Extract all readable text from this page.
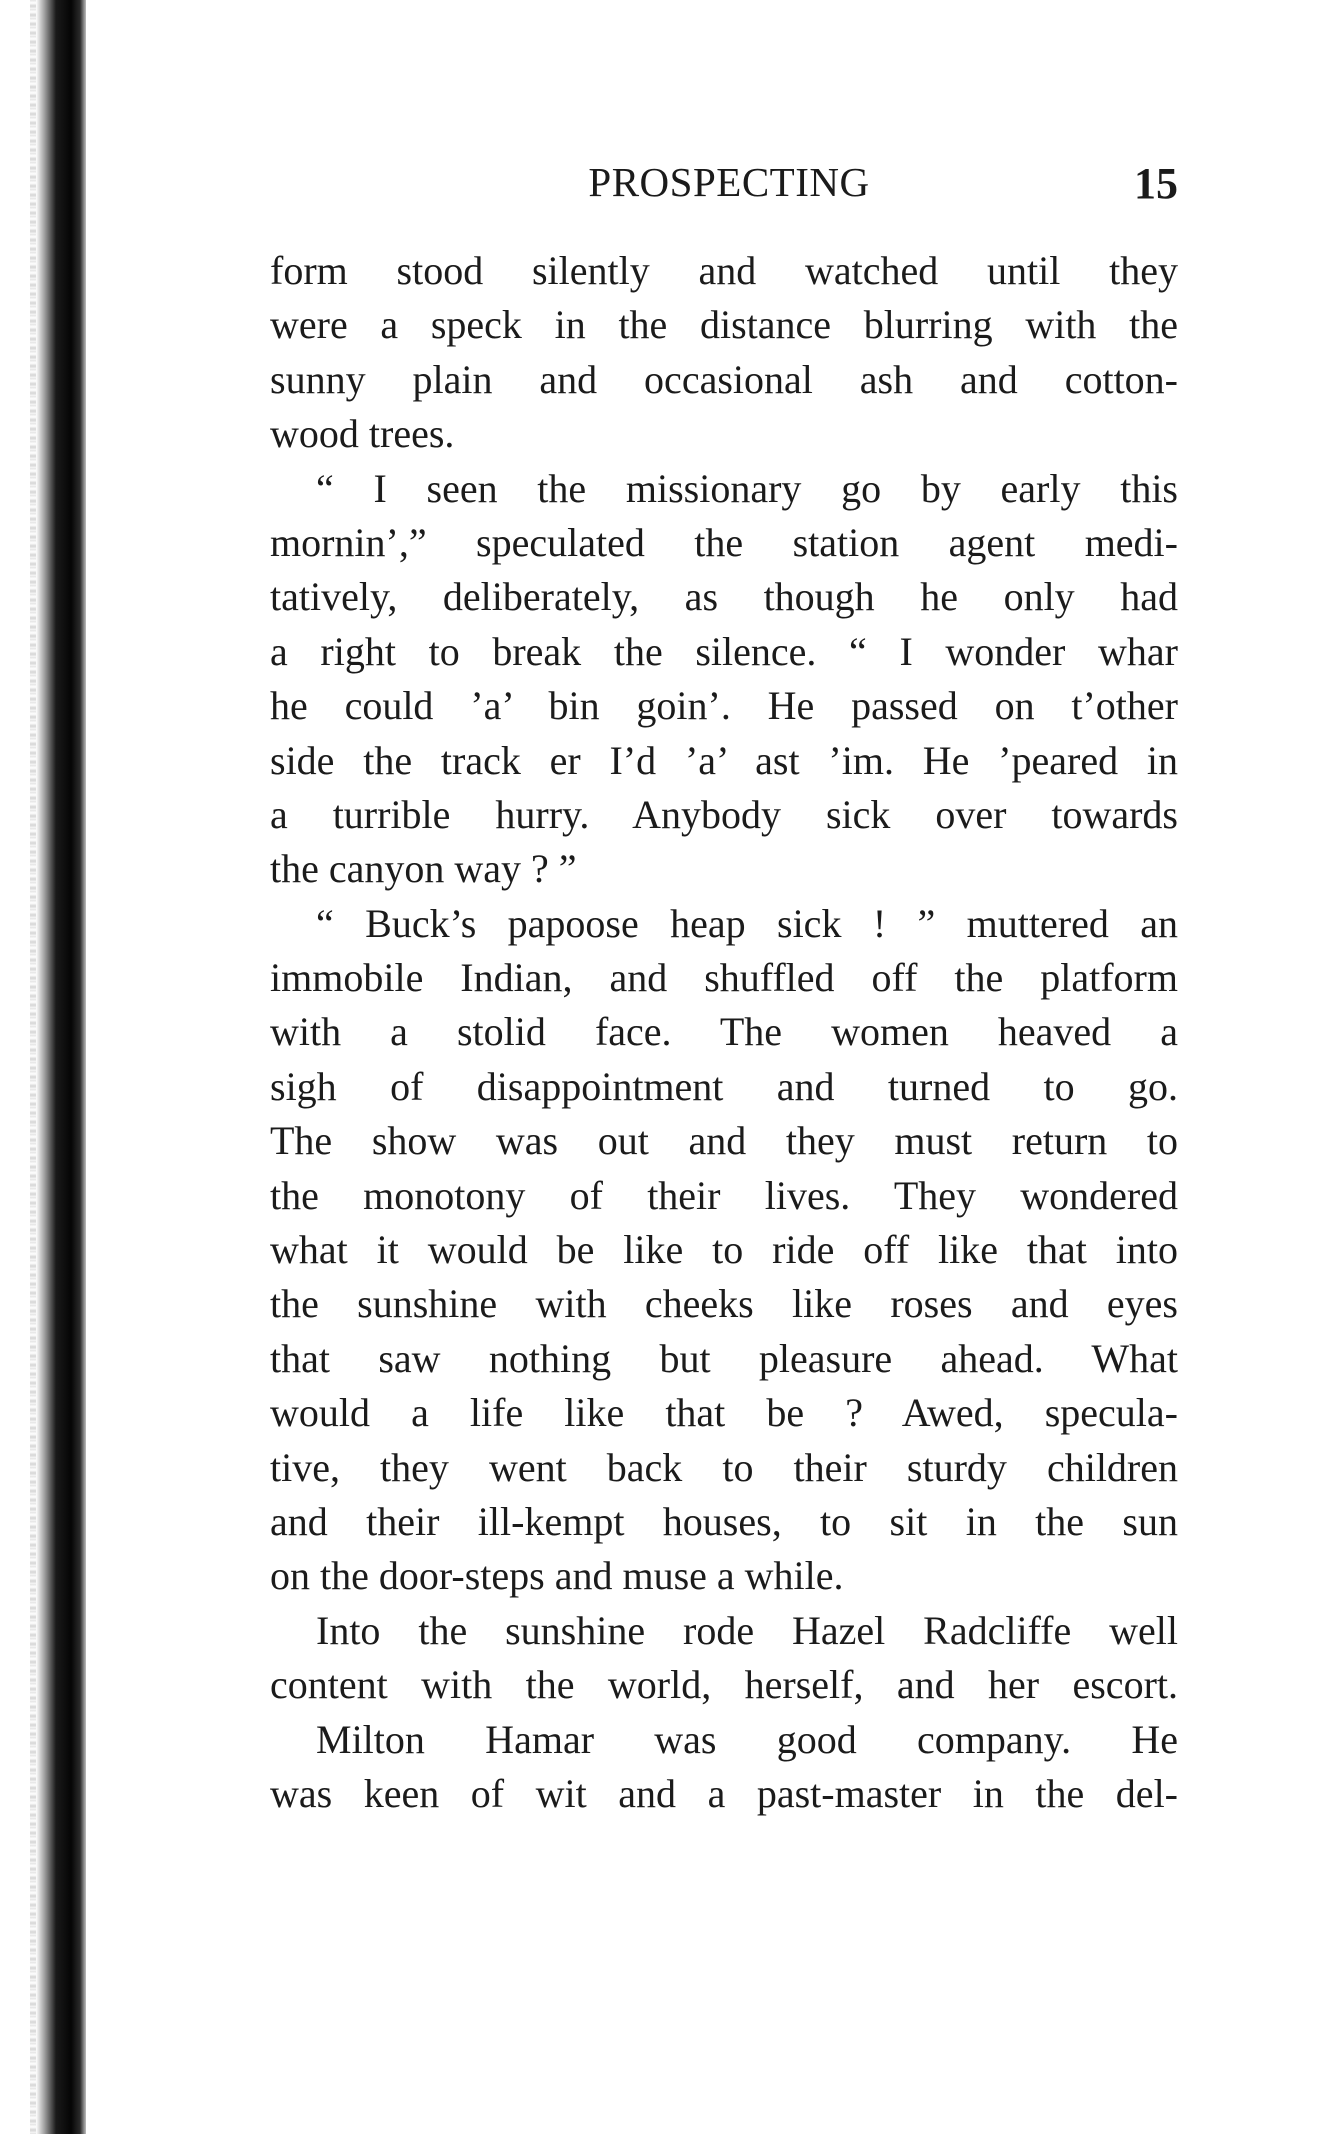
PROSPECTING	15
form stood silently and watched until they
were a speck in the distance blurring with the
sunny plain and occasional ash and cotton-
wood trees.
“ I seen the missionary go by early this
mornin’,” speculated the station agent medi-
tatively, deliberately, as though he only had
a right to break the silence. “ I wonder whar
he could ’a’ bin goin’. He passed on t’other
side the track er I’d ’a’ ast ’im. He ’peared in
a turrible hurry. Anybody sick over towards
the canyon way ? ”
“ Buck’s papoose heap sick ! ” muttered an
immobile Indian, and shuffled off the platform
with a stolid face. The women heaved a
sigh of disappointment and turned to go.
The show was out and they must return to
the monotony of their lives. They wondered
what it would be like to ride off like that into
the sunshine with cheeks like roses and eyes
that saw nothing but pleasure ahead. What
would a life like that be ? Awed, specula-
tive, they went back to their sturdy children
and their ill-kempt houses, to sit in the sun
on the door-steps and muse a while.
Into the sunshine rode Hazel Radcliffe well
content with the world, herself, and her escort.
Milton Hamar was good company. He
was keen of wit and a past-master in the del-
